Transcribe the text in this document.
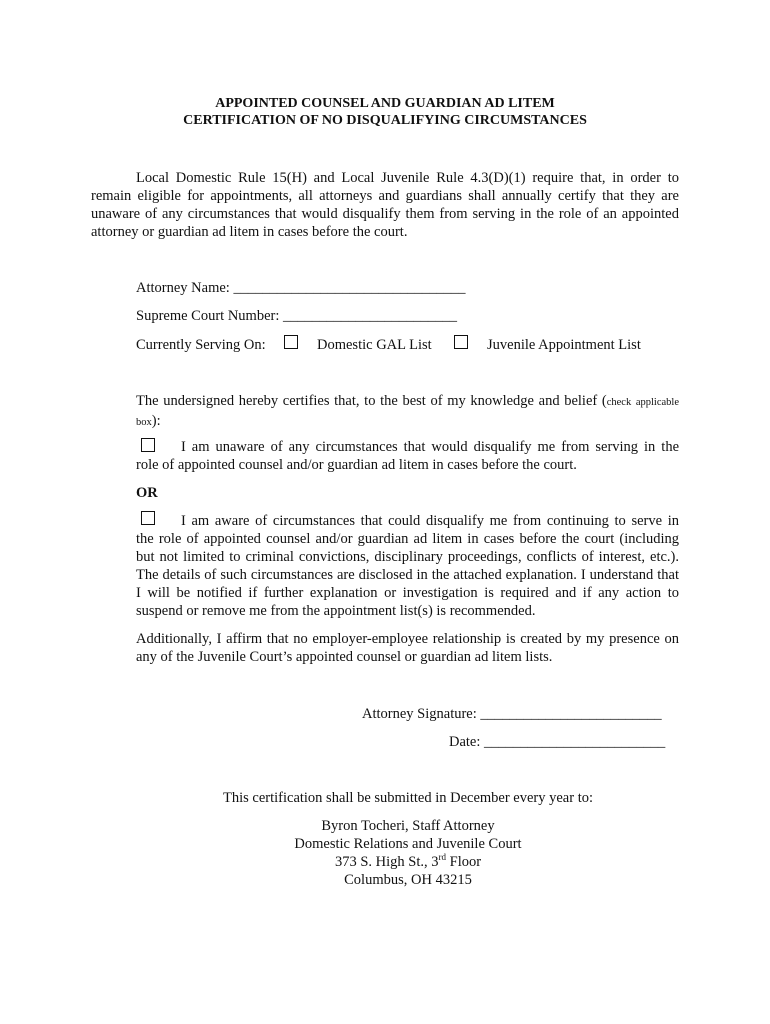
APPOINTED COUNSEL AND GUARDIAN AD LITEM
CERTIFICATION OF NO DISQUALIFYING CIRCUMSTANCES
Local Domestic Rule 15(H) and Local Juvenile Rule 4.3(D)(1) require that, in order to remain eligible for appointments, all attorneys and guardians shall annually certify that they are unaware of any circumstances that would disqualify them from serving in the role of an appointed attorney or guardian ad litem in cases before the court.
Attorney Name: ________________________________
Supreme Court Number: ________________________
Currently Serving On:	Domestic GAL List	Juvenile Appointment List
The undersigned hereby certifies that, to the best of my knowledge and belief (check applicable box):
I am unaware of any circumstances that would disqualify me from serving in the
role of appointed counsel and/or guardian ad litem in cases before the court.
OR
I am aware of circumstances that could disqualify me from continuing to serve in
the role of appointed counsel and/or guardian ad litem in cases before the court (including but not limited to criminal convictions, disciplinary proceedings, conflicts of interest, etc.). The details of such circumstances are disclosed in the attached explanation. I understand that I will be notified if further explanation or investigation is required and if any action to suspend or remove me from the appointment list(s) is recommended.
Additionally, I affirm that no employer-employee relationship is created by my presence on any of the Juvenile Court’s appointed counsel or guardian ad litem lists.
Attorney Signature: _________________________
Date: _________________________
This certification shall be submitted in December every year to:
Byron Tocheri, Staff Attorney
Domestic Relations and Juvenile Court
373 S. High St., 3rd Floor
Columbus, OH 43215
